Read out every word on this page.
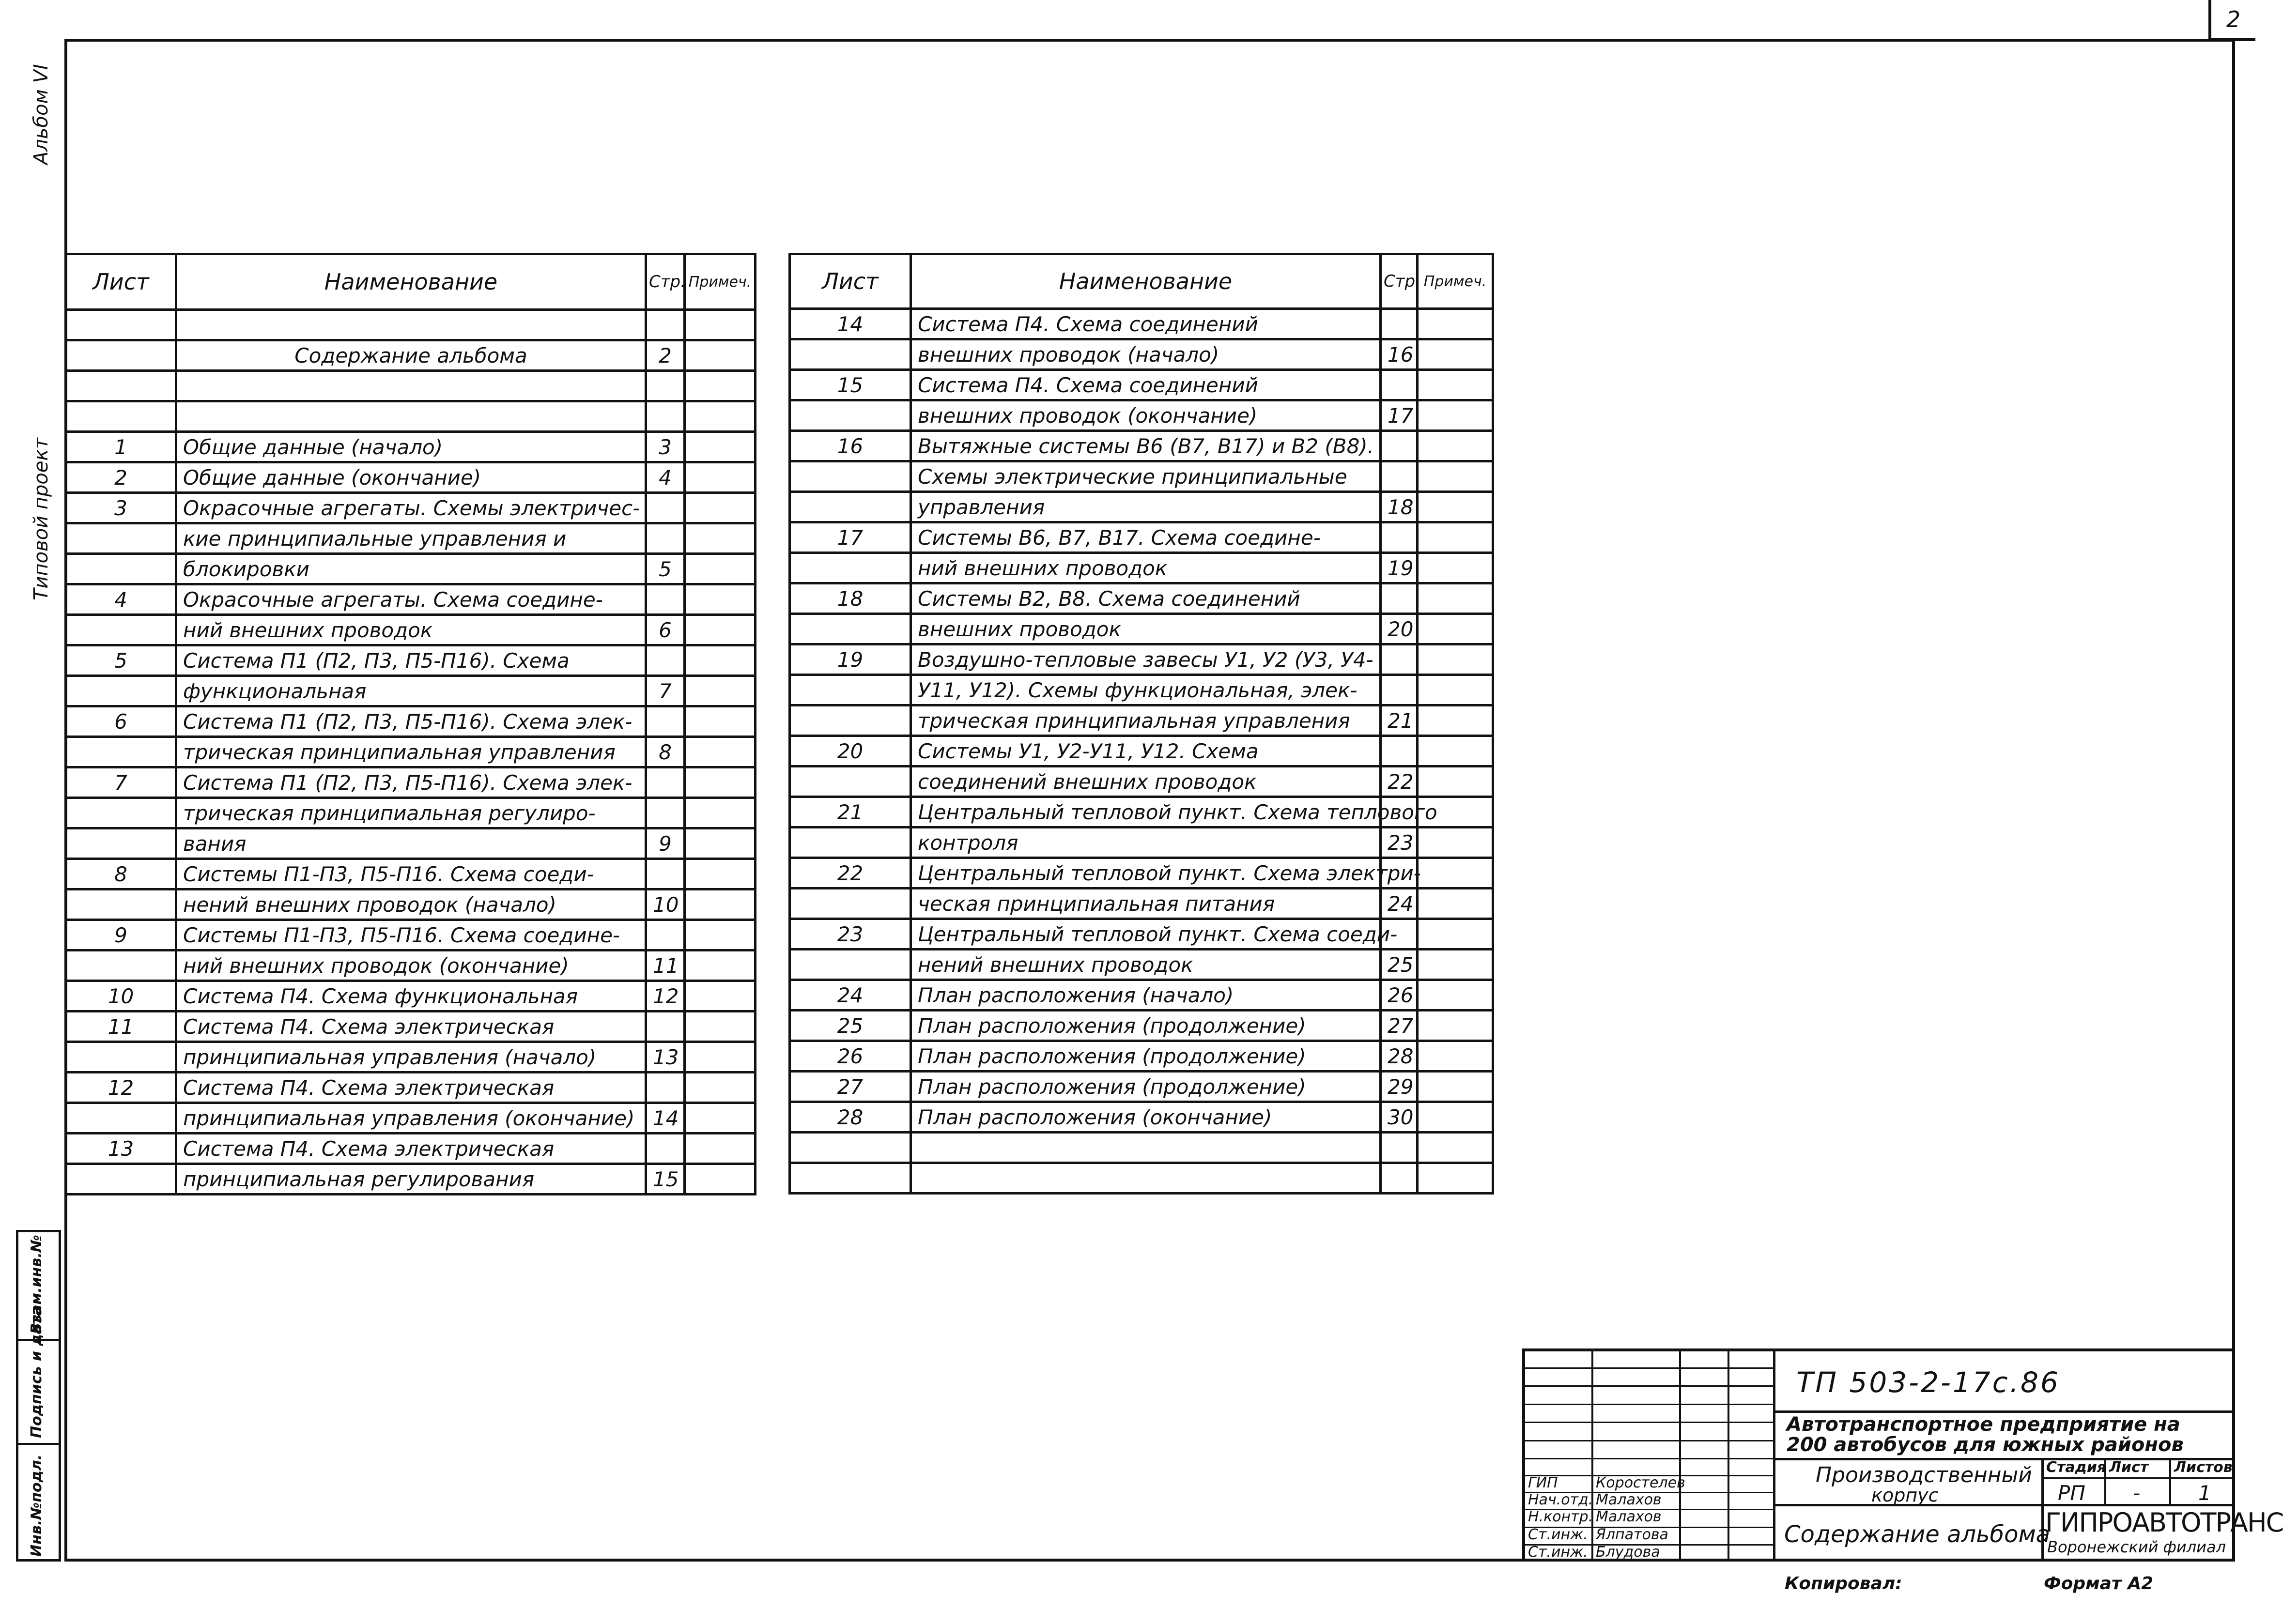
2
Альбом VI
Типовой проект
Взам.инв.№
Подпись и дата
Инв.№подл.
Лист	Наименование	Стр.	Примеч.

	Содержание альбома	2	

1	Общие данные (начало)	3	
2	Общие данные (окончание)	4	
3	Окрасочные агрегаты. Схемы электричес-		
	кие принципиальные управления и		
	блокировки	5	
4	Окрасочные агрегаты. Схема соедине-		
	ний внешних проводок	6	
5	Система П1 (П2, П3, П5-П16). Схема		
	функциональная	7	
6	Система П1 (П2, П3, П5-П16). Схема элек-		
	трическая принципиальная управления	8	
7	Система П1 (П2, П3, П5-П16). Схема элек-		
	трическая принципиальная регулиро-		
	вания	9	
8	Системы П1-П3, П5-П16. Схема соеди-		
	нений внешних проводок (начало)	10	
9	Системы П1-П3, П5-П16. Схема соедине-		
	ний внешних проводок (окончание)	11	
10	Система П4. Схема функциональная	12	
11	Система П4. Схема электрическая		
	принципиальная управления (начало)	13	
12	Система П4. Схема электрическая		
	принципиальная управления (окончание)	14	
13	Система П4. Схема электрическая		
	принципиальная регулирования	15	
Лист	Наименование	Стр	Примеч.
14	Система П4. Схема соединений		
	внешних проводок (начало)	16	
15	Система П4. Схема соединений		
	внешних проводок (окончание)	17	
16	Вытяжные системы В6 (В7, В17) и В2 (В8).		
	Схемы электрические принципиальные		
	управления	18	
17	Системы В6, В7, В17. Схема соедине-		
	ний внешних проводок	19	
18	Системы В2, В8. Схема соединений		
	внешних проводок	20	
19	Воздушно-тепловые завесы У1, У2 (У3, У4-		
	У11, У12). Схемы функциональная, элек-		
	трическая принципиальная управления	21	
20	Системы У1, У2-У11, У12. Схема		
	соединений внешних проводок	22	
21	Центральный тепловой пункт. Схема теплового		
	контроля	23	
22	Центральный тепловой пункт. Схема электри-		
	ческая принципиальная питания	24	
23	Центральный тепловой пункт. Схема соеди-		
	нений внешних проводок	25	
24	План расположения (начало)	26	
25	План расположения (продолжение)	27	
26	План расположения (продолжение)	28	
27	План расположения (продолжение)	29	
28	План расположения (окончание)	30	

ГИП	Коростелев
Нач.отд. Малахов
Н.контр. Малахов
Ст.инж. Ялпатова
Ст.инж. Блудова
ТП 503-2-17с.86
Автотранспортное предприятие на
200 автобусов для южных районов
Производственный
корпус
Содержание альбома
Стадия Лист Листов
РП -	1
ГИПРОАВТОТРАНС
Воронежский филиал
Копировал:	Формат А2
